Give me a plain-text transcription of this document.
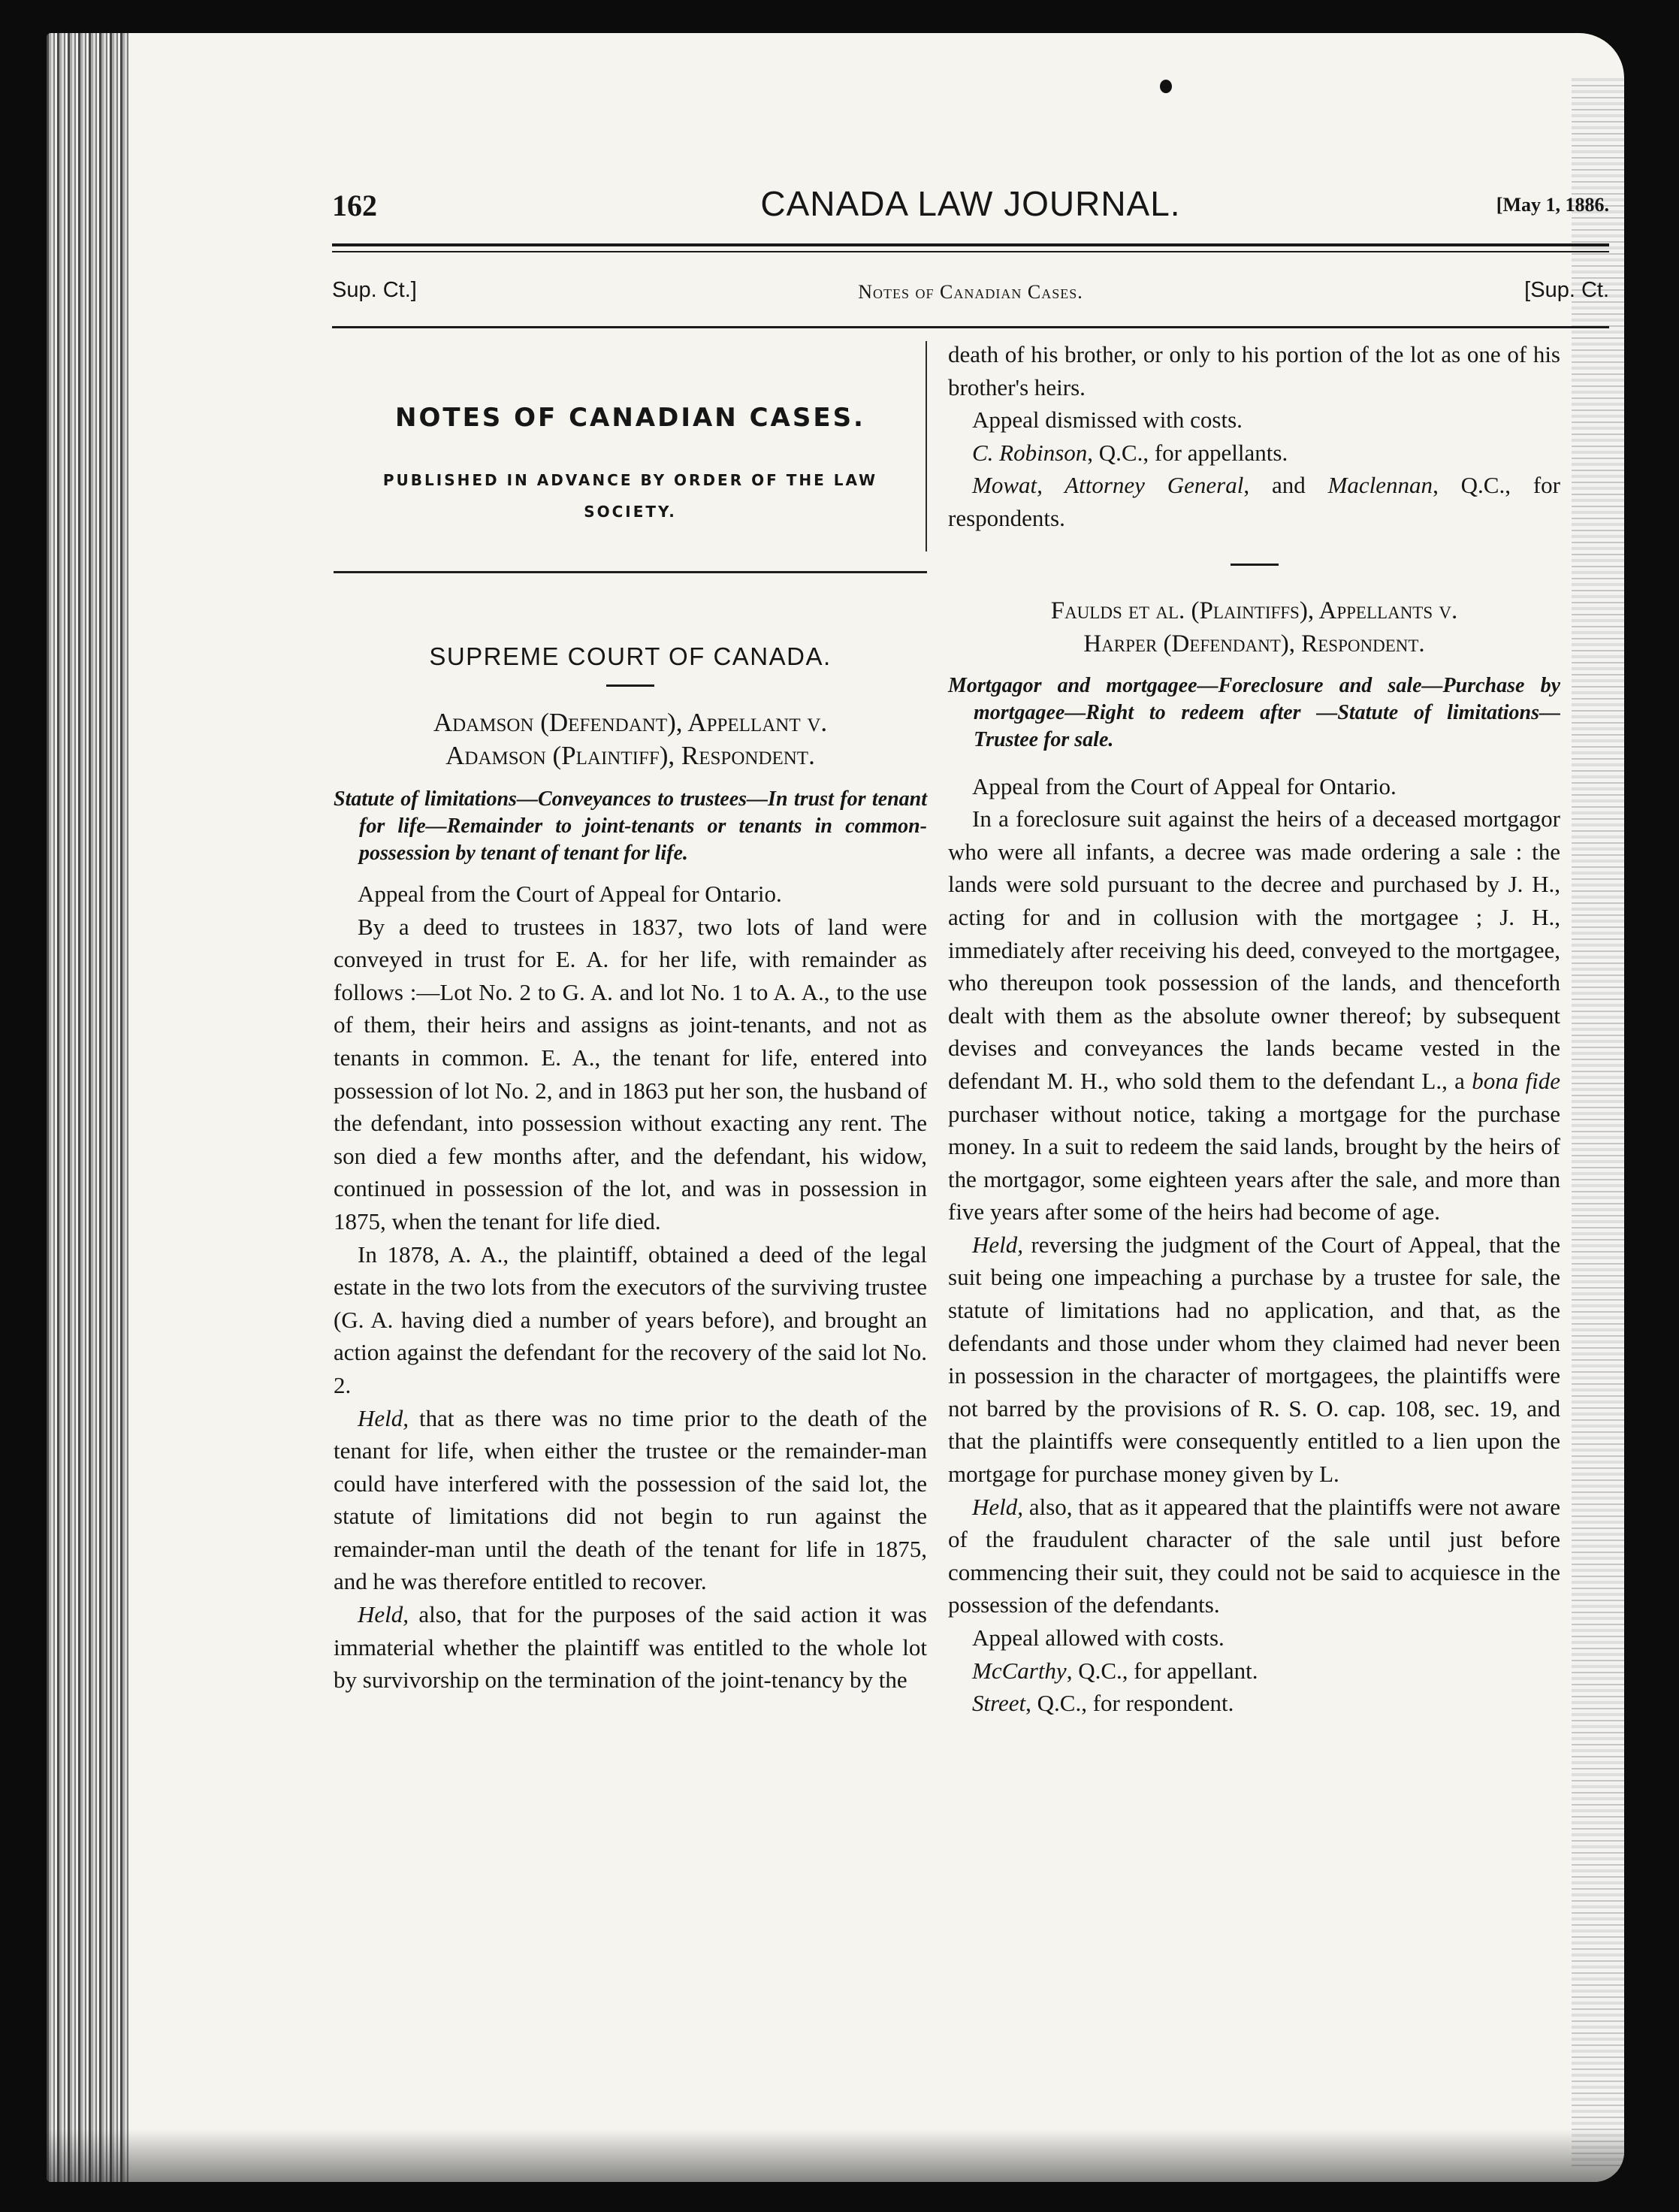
162	CANADA LAW JOURNAL.	[May 1, 1886.
Sup. Ct.]	Notes of Canadian Cases.	[Sup. Ct.
NOTES OF CANADIAN CASES.
PUBLISHED IN ADVANCE BY ORDER OF THE LAW SOCIETY.
SUPREME COURT OF CANADA.

Adamson (Defendant), Appellant v.

Adamson (Plaintiff), Respondent.

Statute of limitations—Conveyances to trustees—In trust for tenant for life—Remainder to joint-tenants or tenants in common-possession by tenant of tenant for life.

Appeal from the Court of Appeal for Ontario.

By a deed to trustees in 1837, two lots of land were conveyed in trust for E. A. for her life, with remainder as follows :—Lot No. 2 to G. A. and lot No. 1 to A. A., to the use of them, their heirs and assigns as joint-tenants, and not as tenants in common. E. A., the tenant for life, entered into possession of lot No. 2, and in 1863 put her son, the husband of the defendant, into possession without exacting any rent. The son died a few months after, and the defendant, his widow, continued in possession of the lot, and was in possession in 1875, when the tenant for life died.

In 1878, A. A., the plaintiff, obtained a deed of the legal estate in the two lots from the executors of the surviving trustee (G. A. having died a number of years before), and brought an action against the defendant for the recovery of the said lot No. 2.

Held, that as there was no time prior to the death of the tenant for life, when either the trustee or the remainder-man could have interfered with the possession of the said lot, the statute of limitations did not begin to run against the remainder-man until the death of the tenant for life in 1875, and he was therefore entitled to recover.

Held, also, that for the purposes of the said action it was immaterial whether the plaintiff was entitled to the whole lot by survivorship on the termination of the joint-tenancy by the

death of his brother, or only to his portion of the lot as one of his brother's heirs.

Appeal dismissed with costs.

C. Robinson, Q.C., for appellants.

Mowat, Attorney General, and Maclennan, Q.C., for respondents.

Faulds et al. (Plaintiffs), Appellants v.

Harper (Defendant), Respondent.

Mortgagor and mortgagee—Foreclosure and sale—Purchase by mortgagee—Right to redeem after —Statute of limitations—Trustee for sale.

Appeal from the Court of Appeal for Ontario.

In a foreclosure suit against the heirs of a deceased mortgagor who were all infants, a decree was made ordering a sale : the lands were sold pursuant to the decree and purchased by J. H., acting for and in collusion with the mortgagee ; J. H., immediately after receiving his deed, conveyed to the mortgagee, who thereupon took possession of the lands, and thenceforth dealt with them as the absolute owner thereof; by subsequent devises and conveyances the lands became vested in the defendant M. H., who sold them to the defendant L., a bona fide purchaser without notice, taking a mortgage for the purchase money. In a suit to redeem the said lands, brought by the heirs of the mortgagor, some eighteen years after the sale, and more than five years after some of the heirs had become of age.

Held, reversing the judgment of the Court of Appeal, that the suit being one impeaching a purchase by a trustee for sale, the statute of limitations had no application, and that, as the defendants and those under whom they claimed had never been in possession in the character of mortgagees, the plaintiffs were not barred by the provisions of R. S. O. cap. 108, sec. 19, and that the plaintiffs were consequently entitled to a lien upon the mortgage for purchase money given by L.

Held, also, that as it appeared that the plaintiffs were not aware of the fraudulent character of the sale until just before commencing their suit, they could not be said to acquiesce in the possession of the defendants.

Appeal allowed with costs.

McCarthy, Q.C., for appellant.

Street, Q.C., for respondent.
